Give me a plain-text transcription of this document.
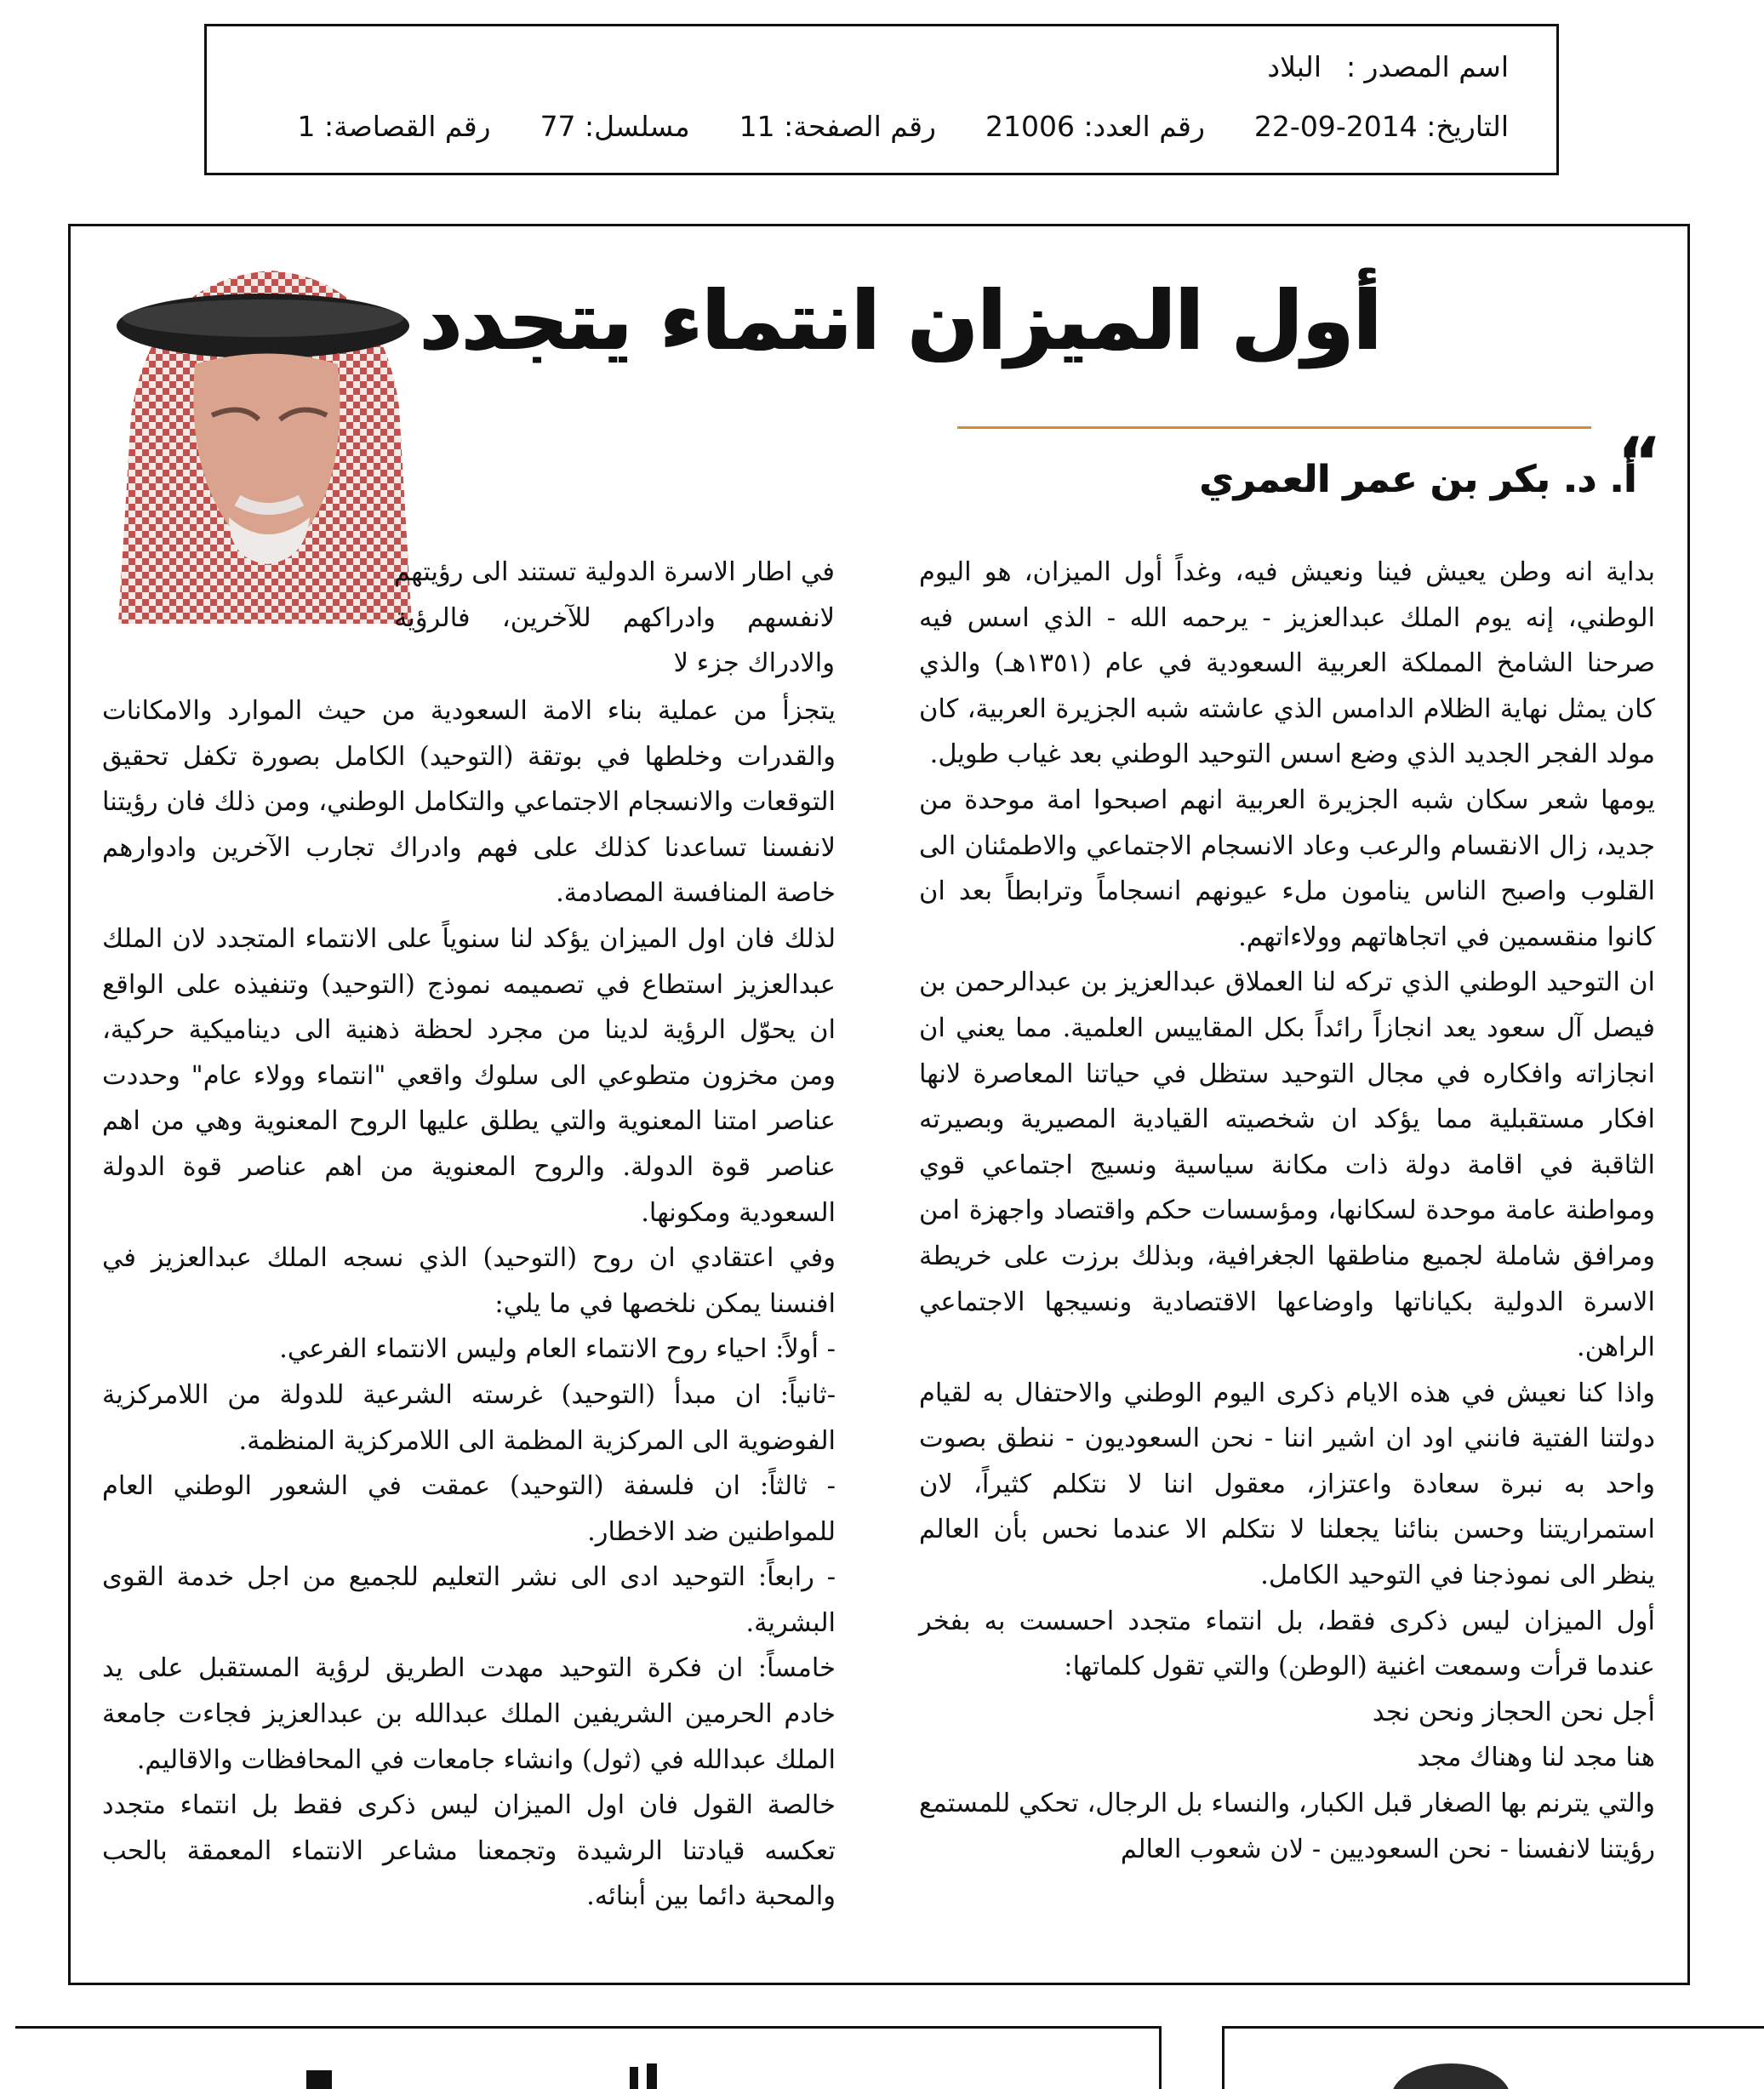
اسم المصدر :
البلاد
التاريخ: 2014-09-22
رقم العدد: 21006
رقم الصفحة: 11
مسلسل: 77
رقم القصاصة: 1
أول الميزان انتماء يتجدد
“
أ. د. بكر بن عمر العمري

بداية انه وطن يعيش فينا ونعيش فيه، وغداً أول الميزان، هو اليوم الوطني، إنه يوم الملك عبدالعزيز - يرحمه الله - الذي اسس فيه صرحنا الشامخ المملكة العربية السعودية في عام (١٣٥١هـ) والذي كان يمثل نهاية الظلام الدامس الذي عاشته شبه الجزيرة العربية، كان مولد الفجر الجديد الذي وضع اسس التوحيد الوطني بعد غياب طويل.

يومها شعر سكان شبه الجزيرة العربية انهم اصبحوا امة موحدة من جديد، زال الانقسام والرعب وعاد الانسجام الاجتماعي والاطمئنان الى القلوب واصبح الناس ينامون ملء عيونهم انسجاماً وترابطاً بعد ان كانوا منقسمين في اتجاهاتهم وولاءاتهم.

ان التوحيد الوطني الذي تركه لنا العملاق عبدالعزيز بن عبدالرحمن بن فيصل آل سعود يعد انجازاً رائداً بكل المقاييس العلمية. مما يعني ان انجازاته وافكاره في مجال التوحيد ستظل في حياتنا المعاصرة لانها افكار مستقبلية مما يؤكد ان شخصيته القيادية المصيرية وبصيرته الثاقبة في اقامة دولة ذات مكانة سياسية ونسيج اجتماعي قوي ومواطنة عامة موحدة لسكانها، ومؤسسات حكم واقتصاد واجهزة امن ومرافق شاملة لجميع مناطقها الجغرافية، وبذلك برزت على خريطة الاسرة الدولية بكياناتها واوضاعها الاقتصادية ونسيجها الاجتماعي الراهن.

واذا كنا نعيش في هذه الايام ذكرى اليوم الوطني والاحتفال به لقيام دولتنا الفتية فانني اود ان اشير اننا - نحن السعوديون - ننطق بصوت واحد به نبرة سعادة واعتزاز، معقول اننا لا نتكلم كثيراً، لان استمراريتنا وحسن بنائنا يجعلنا لا نتكلم الا عندما نحس بأن العالم ينظر الى نموذجنا في التوحيد الكامل.

أول الميزان ليس ذكرى فقط، بل انتماء متجدد احسست به بفخر عندما قرأت وسمعت اغنية (الوطن) والتي تقول كلماتها:

أجل نحن الحجاز ونحن نجد

هنا مجد لنا وهناك مجد

والتي يترنم بها الصغار قبل الكبار، والنساء بل الرجال، تحكي للمستمع رؤيتنا لانفسنا - نحن السعوديين - لان شعوب العالم

في اطار الاسرة الدولية تستند الى رؤيتهم لانفسهم وادراكهم للآخرين، فالرؤية والادراك جزء لا

يتجزأ من عملية بناء الامة السعودية من حيث الموارد والامكانات والقدرات وخلطها في بوتقة (التوحيد) الكامل بصورة تكفل تحقيق التوقعات والانسجام الاجتماعي والتكامل الوطني، ومن ذلك فان رؤيتنا لانفسنا تساعدنا كذلك على فهم وادراك تجارب الآخرين وادوارهم خاصة المنافسة المصادمة.

لذلك فان اول الميزان يؤكد لنا سنوياً على الانتماء المتجدد لان الملك عبدالعزيز استطاع في تصميمه نموذج (التوحيد) وتنفيذه على الواقع ان يحوّل الرؤية لدينا من مجرد لحظة ذهنية الى ديناميكية حركية، ومن مخزون متطوعي الى سلوك واقعي "انتماء وولاء عام" وحددت عناصر امتنا المعنوية والتي يطلق عليها الروح المعنوية وهي من اهم عناصر قوة الدولة. والروح المعنوية من اهم عناصر قوة الدولة السعودية ومكونها.

وفي اعتقادي ان روح (التوحيد) الذي نسجه الملك عبدالعزيز في افنسنا يمكن نلخصها في ما يلي:

- أولاً: احياء روح الانتماء العام وليس الانتماء الفرعي.

-ثانياً: ان مبدأ (التوحيد) غرسته الشرعية للدولة من اللامركزية الفوضوية الى المركزية المظمة الى اللامركزية المنظمة.

- ثالثاً: ان فلسفة (التوحيد) عمقت في الشعور الوطني العام للمواطنين ضد الاخطار.

- رابعاً: التوحيد ادى الى نشر التعليم للجميع من اجل خدمة القوى البشرية.

خامساً: ان فكرة التوحيد مهدت الطريق لرؤية المستقبل على يد خادم الحرمين الشريفين الملك عبدالله بن عبدالعزيز فجاءت جامعة الملك عبدالله في (ثول) وانشاء جامعات في المحافظات والاقاليم.

خالصة القول فان اول الميزان ليس ذكرى فقط بل انتماء متجدد تعكسه قيادتنا الرشيدة وتجمعنا مشاعر الانتماء المعمقة بالحب والمحبة دائما بين أبنائه.
